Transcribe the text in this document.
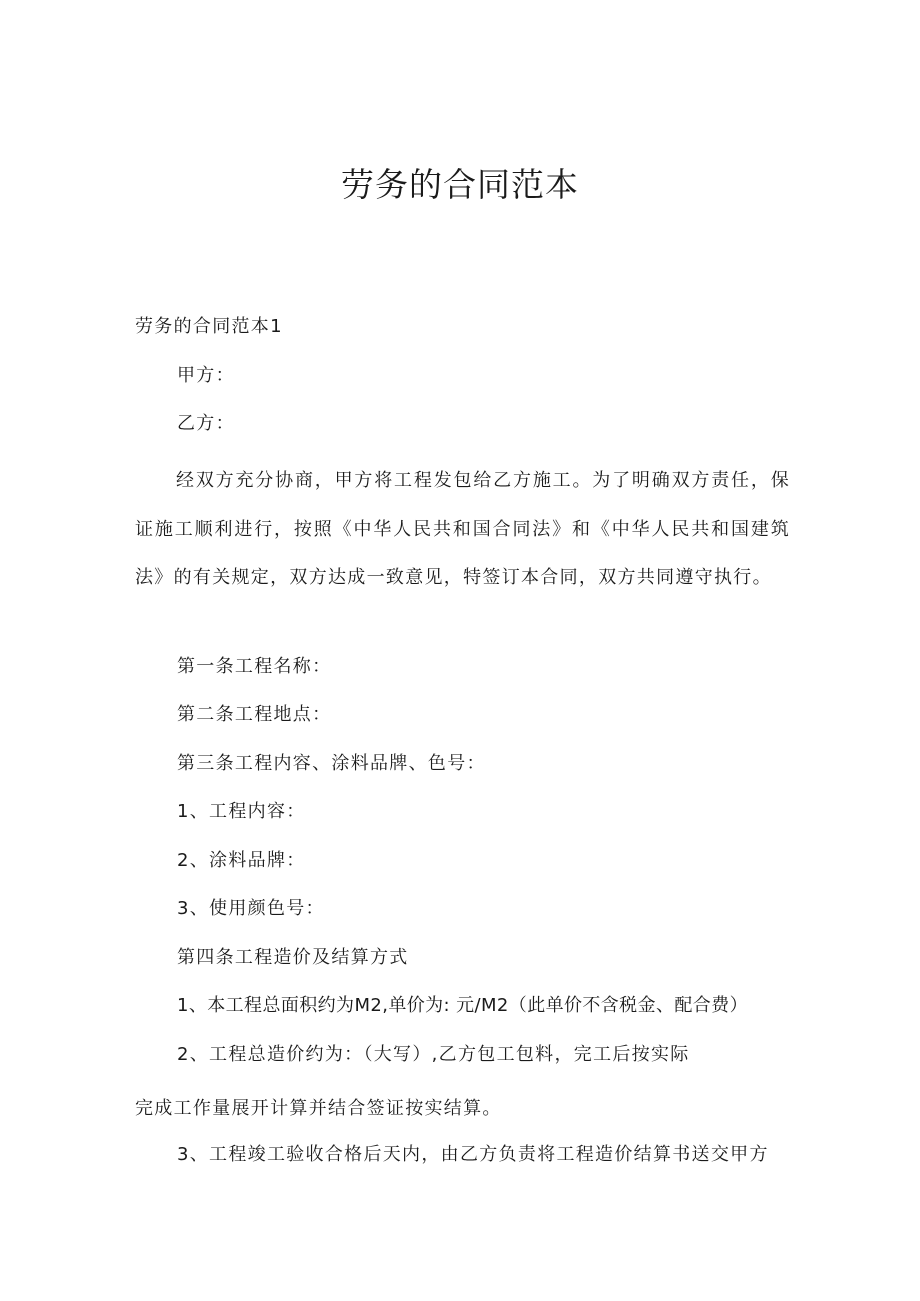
劳务的合同范本

劳务的合同范本1

甲方：

乙方：

经双方充分协商，甲方将工程发包给乙方施工。为了明确双方责任，保证施工顺利进行，按照《中华人民共和国合同法》和《中华人民共和国建筑法》的有关规定，双方达成一致意见，特签订本合同，双方共同遵守执行。

第一条工程名称：

第二条工程地点：

第三条工程内容、涂料品牌、色号：

1、工程内容：

2、涂料品牌：

3、使用颜色号：

第四条工程造价及结算方式

1、本工程总面积约为M2,单价为: 元/M2（此单价不含税金、配合费）

2、工程总造价约为：（大写）,乙方包工包料，完工后按实际

完成工作量展开计算并结合签证按实结算。

3、工程竣工验收合格后天内，由乙方负责将工程造价结算书送交甲方
